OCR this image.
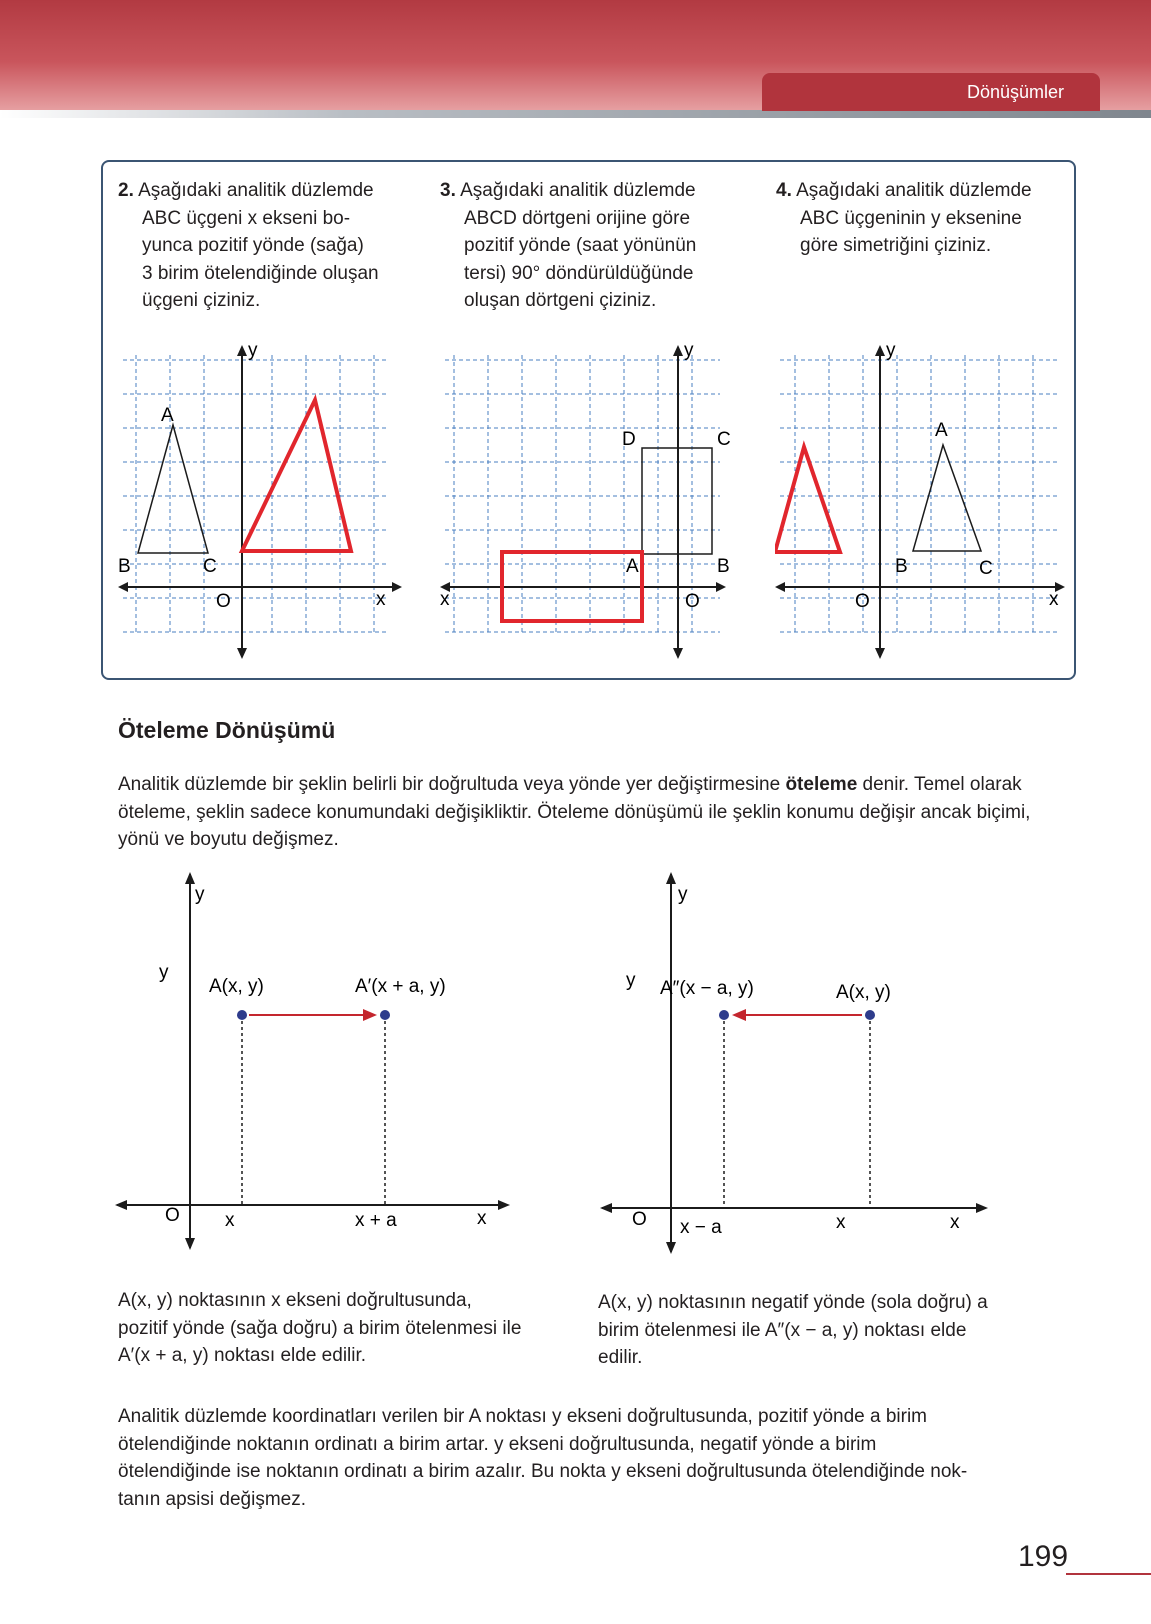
Dönüşümler
2. Aşağıdaki analitik düzlemde
ABC üçgeni x ekseni bo-
yunca pozitif yönde (sağa)
3 birim ötelendiğinde oluşan
üçgeni çiziniz.
3. Aşağıdaki analitik düzlemde
ABCD dörtgeni orijine göre
pozitif yönde (saat yönünün
tersi) 90° döndürüldüğünde
oluşan dörtgeni çiziniz.
4. Aşağıdaki analitik düzlemde
ABC üçgeninin y eksenine
göre simetriğini çiziniz.
y
x
O
A
B	C
y
x	O
A	B
C
D
y
x
O
A
B	C
Öteleme Dönüşümü
Analitik düzlemde bir şeklin belirli bir doğrultuda veya yönde yer değiştirmesine öteleme denir. Temel olarak öteleme, şeklin sadece konumundaki değişikliktir. Öteleme dönüşümü ile şeklin konumu değişir ancak biçimi, yönü ve boyutu değişmez.
y
y
A(x, y)	A′(x + a, y)
O x	x + a	x
y
y A″(x − a, y)	A(x, y)
O x − a	x	x
A(x, y) noktasının x ekseni doğrultusunda,
pozitif yönde (sağa doğru) a birim ötelenmesi ile
A′(x + a, y) noktası elde edilir.
A(x, y) noktasının negatif yönde (sola doğru) a
birim ötelenmesi ile A″(x − a, y) noktası elde
edilir.
Analitik düzlemde koordinatları verilen bir A noktası y ekseni doğrultusunda, pozitif yönde a birim
ötelendiğinde noktanın ordinatı a birim artar. y ekseni doğrultusunda, negatif yönde a birim
ötelendiğinde ise noktanın ordinatı a birim azalır. Bu nokta y ekseni doğrultusunda ötelendiğinde nok-
tanın apsisi değişmez.
199
